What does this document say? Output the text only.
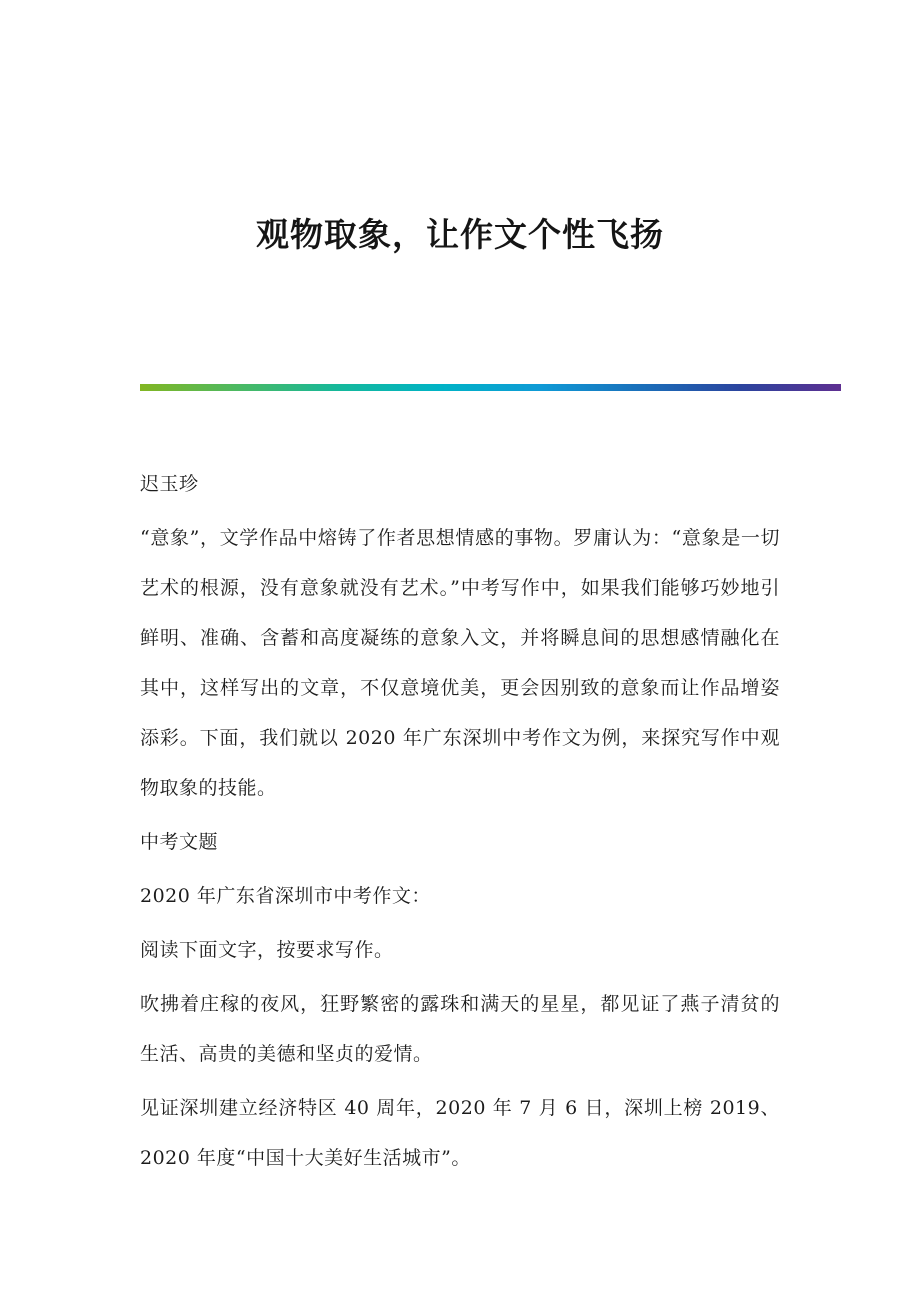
观物取象，让作文个性飞扬

迟玉珍

“意象”，文学作品中熔铸了作者思想情感的事物。罗庸认为：“意象是一切艺术的根源，没有意象就没有艺术。”中考写作中，如果我们能够巧妙地引鲜明、准确、含蓄和高度凝练的意象入文，并将瞬息间的思想感情融化在其中，这样写出的文章，不仅意境优美，更会因别致的意象而让作品增姿添彩。下面，我们就以 2020 年广东深圳中考作文为例，来探究写作中观物取象的技能。

中考文题

2020 年广东省深圳市中考作文：

阅读下面文字，按要求写作。

吹拂着庄稼的夜风，狂野繁密的露珠和满天的星星，都见证了燕子清贫的生活、高贵的美德和坚贞的爱情。

见证深圳建立经济特区 40 周年，2020 年 7 月 6 日，深圳上榜 2019、2020 年度“中国十大美好生活城市”。
